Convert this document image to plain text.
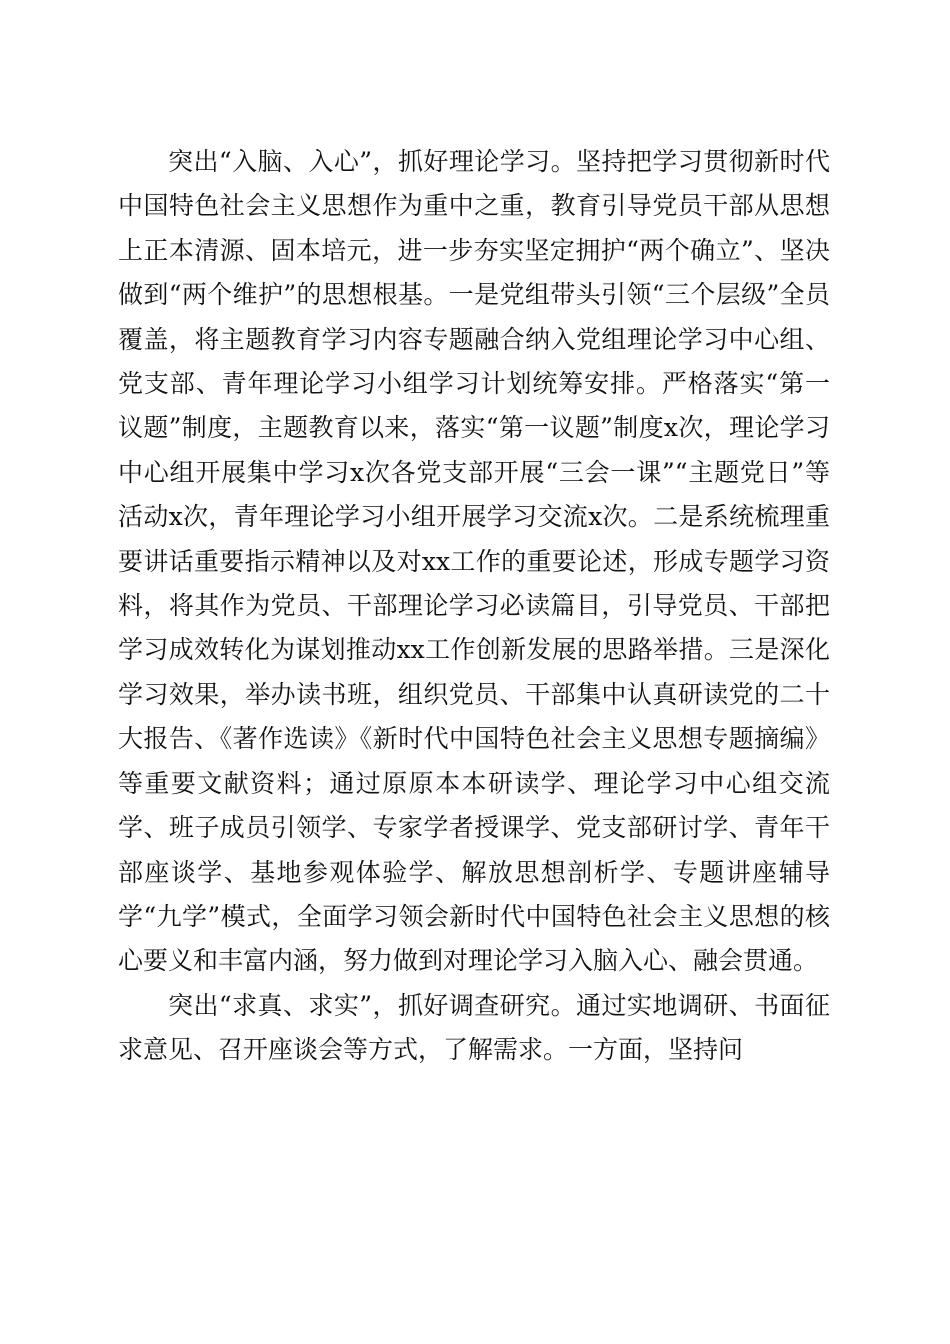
突出“入脑、入心”，抓好理论学习。坚持把学习贯彻新时代中国特色社会主义思想作为重中之重，教育引导党员干部从思想上正本清源、固本培元，进一步夯实坚定拥护“两个确立”、坚决做到“两个维护”的思想根基。一是党组带头引领“三个层级”全员覆盖，将主题教育学习内容专题融合纳入党组理论学习中心组、党支部、青年理论学习小组学习计划统筹安排。严格落实“第一议题”制度，主题教育以来，落实“第一议题”制度x次，理论学习中心组开展集中学习x次各党支部开展“三会一课”“主题党日”等活动x次，青年理论学习小组开展学习交流x次。二是系统梳理重要讲话重要指示精神以及对xx工作的重要论述，形成专题学习资料，将其作为党员、干部理论学习必读篇目，引导党员、干部把学习成效转化为谋划推动xx工作创新发展的思路举措。三是深化学习效果，举办读书班，组织党员、干部集中认真研读党的二十大报告、《著作选读》《新时代中国特色社会主义思想专题摘编》等重要文献资料；通过原原本本研读学、理论学习中心组交流学、班子成员引领学、专家学者授课学、党支部研讨学、青年干部座谈学、基地参观体验学、解放思想剖析学、专题讲座辅导学“九学”模式，全面学习领会新时代中国特色社会主义思想的核心要义和丰富内涵，努力做到对理论学习入脑入心、融会贯通。

突出“求真、求实”，抓好调查研究。通过实地调研、书面征求意见、召开座谈会等方式，了解需求。一方面，坚持问
